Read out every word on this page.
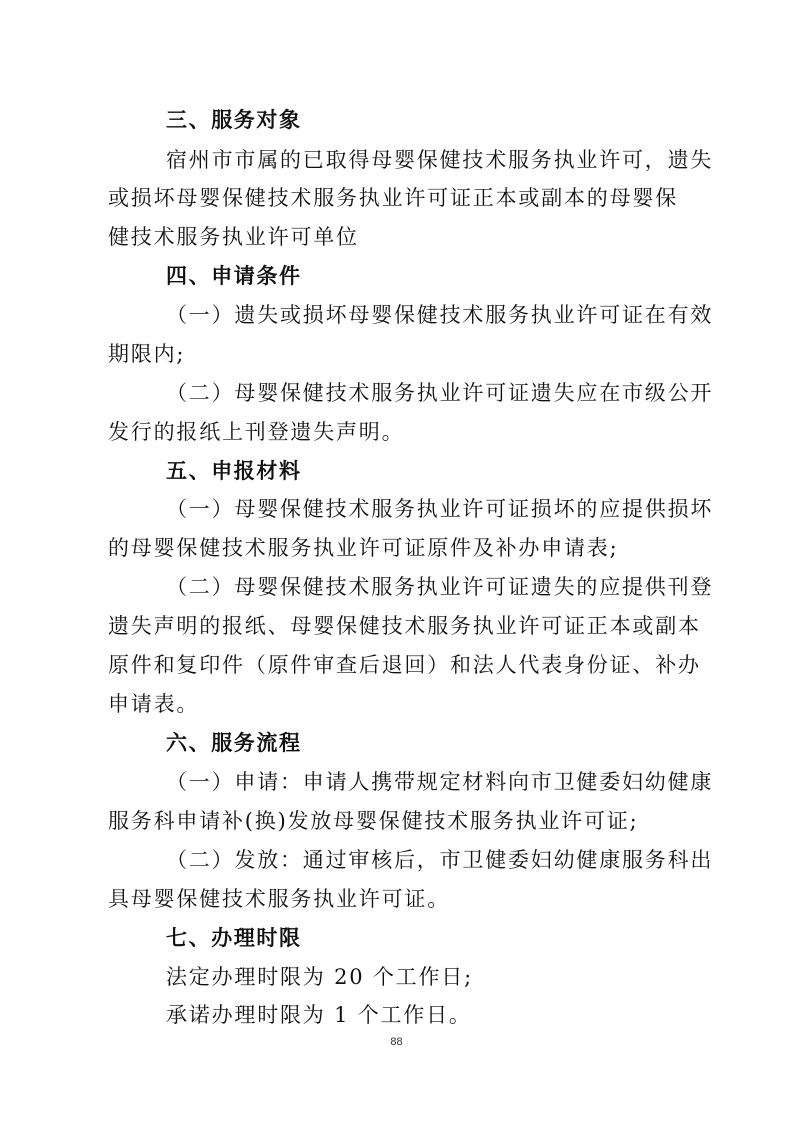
三、服务对象
宿州市市属的已取得母婴保健技术服务执业许可，遗失
或损坏母婴保健技术服务执业许可证正本或副本的母婴保
健技术服务执业许可单位
四、申请条件
（一）遗失或损坏母婴保健技术服务执业许可证在有效
期限内;
（二）母婴保健技术服务执业许可证遗失应在市级公开
发行的报纸上刊登遗失声明。
五、申报材料
（一）母婴保健技术服务执业许可证损坏的应提供损坏
的母婴保健技术服务执业许可证原件及补办申请表;
（二）母婴保健技术服务执业许可证遗失的应提供刊登
遗失声明的报纸、母婴保健技术服务执业许可证正本或副本
原件和复印件（原件审查后退回）和法人代表身份证、补办
申请表。
六、服务流程
（一）申请：申请人携带规定材料向市卫健委妇幼健康
服务科申请补(换)发放母婴保健技术服务执业许可证;
（二）发放：通过审核后，市卫健委妇幼健康服务科出
具母婴保健技术服务执业许可证。
七、办理时限
法定办理时限为 20 个工作日;
承诺办理时限为 1 个工作日。
88
